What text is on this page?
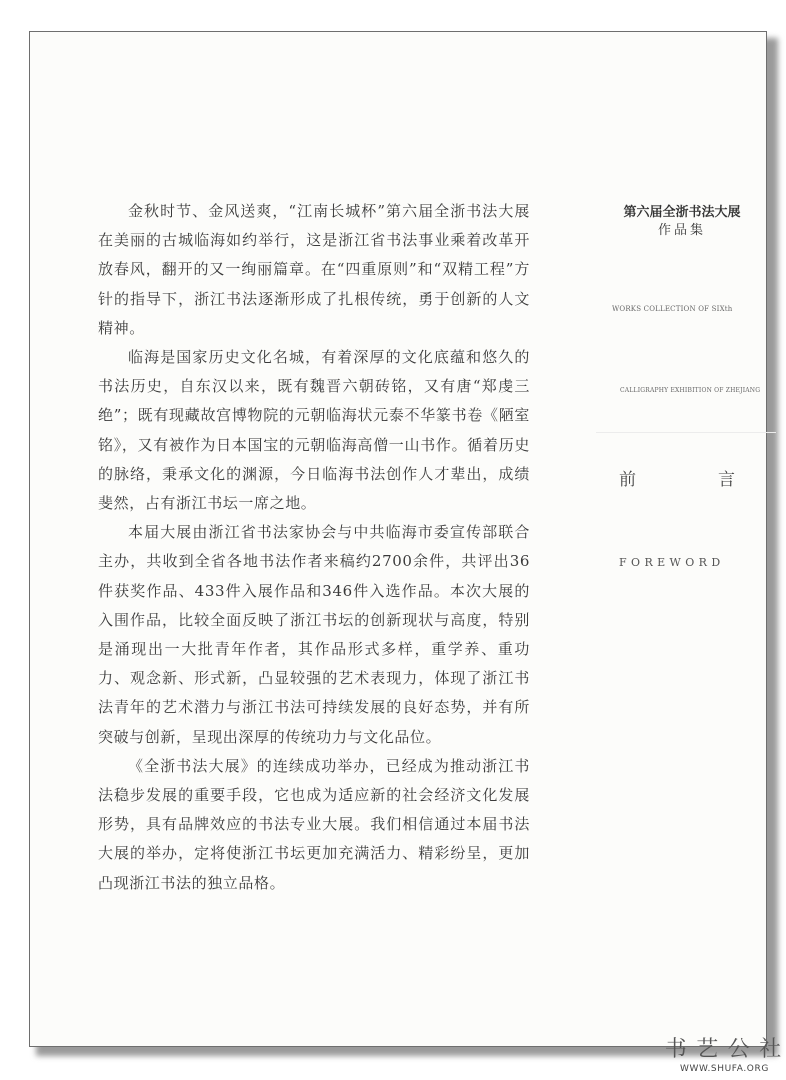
金秋时节、金风送爽，“江南长城杯”第六届全浙书法大展在美丽的古城临海如约举行，这是浙江省书法事业乘着改革开放春风，翻开的又一绚丽篇章。在“四重原则”和“双精工程”方针的指导下，浙江书法逐渐形成了扎根传统，勇于创新的人文精神。

临海是国家历史文化名城，有着深厚的文化底蕴和悠久的书法历史，自东汉以来，既有魏晋六朝砖铭，又有唐“郑虔三绝”；既有现藏故宫博物院的元朝临海状元泰不华篆书卷《陋室铭》，又有被作为日本国宝的元朝临海高僧一山书作。循着历史的脉络，秉承文化的渊源，今日临海书法创作人才辈出，成绩斐然，占有浙江书坛一席之地。

本届大展由浙江省书法家协会与中共临海市委宣传部联合主办，共收到全省各地书法作者来稿约2700余件，共评出36件获奖作品、433件入展作品和346件入选作品。本次大展的入围作品，比较全面反映了浙江书坛的创新现状与高度，特别是涌现出一大批青年作者，其作品形式多样，重学养、重功力、观念新、形式新，凸显较强的艺术表现力，体现了浙江书法青年的艺术潜力与浙江书法可持续发展的良好态势，并有所突破与创新，呈现出深厚的传统功力与文化品位。

《全浙书法大展》的连续成功举办，已经成为推动浙江书法稳步发展的重要手段，它也成为适应新的社会经济文化发展形势，具有品牌效应的书法专业大展。我们相信通过本届书法大展的举办，定将使浙江书坛更加充满活力、精彩纷呈，更加凸现浙江书法的独立品格。

第六届全浙书法大展
作品集
WORKS COLLECTION OF SIXth
CALLIGRAPHY EXHIBITION OF ZHEJIANG
前	言
FOREWORD
书 艺 公 社
WWW.SHUFA.ORG
